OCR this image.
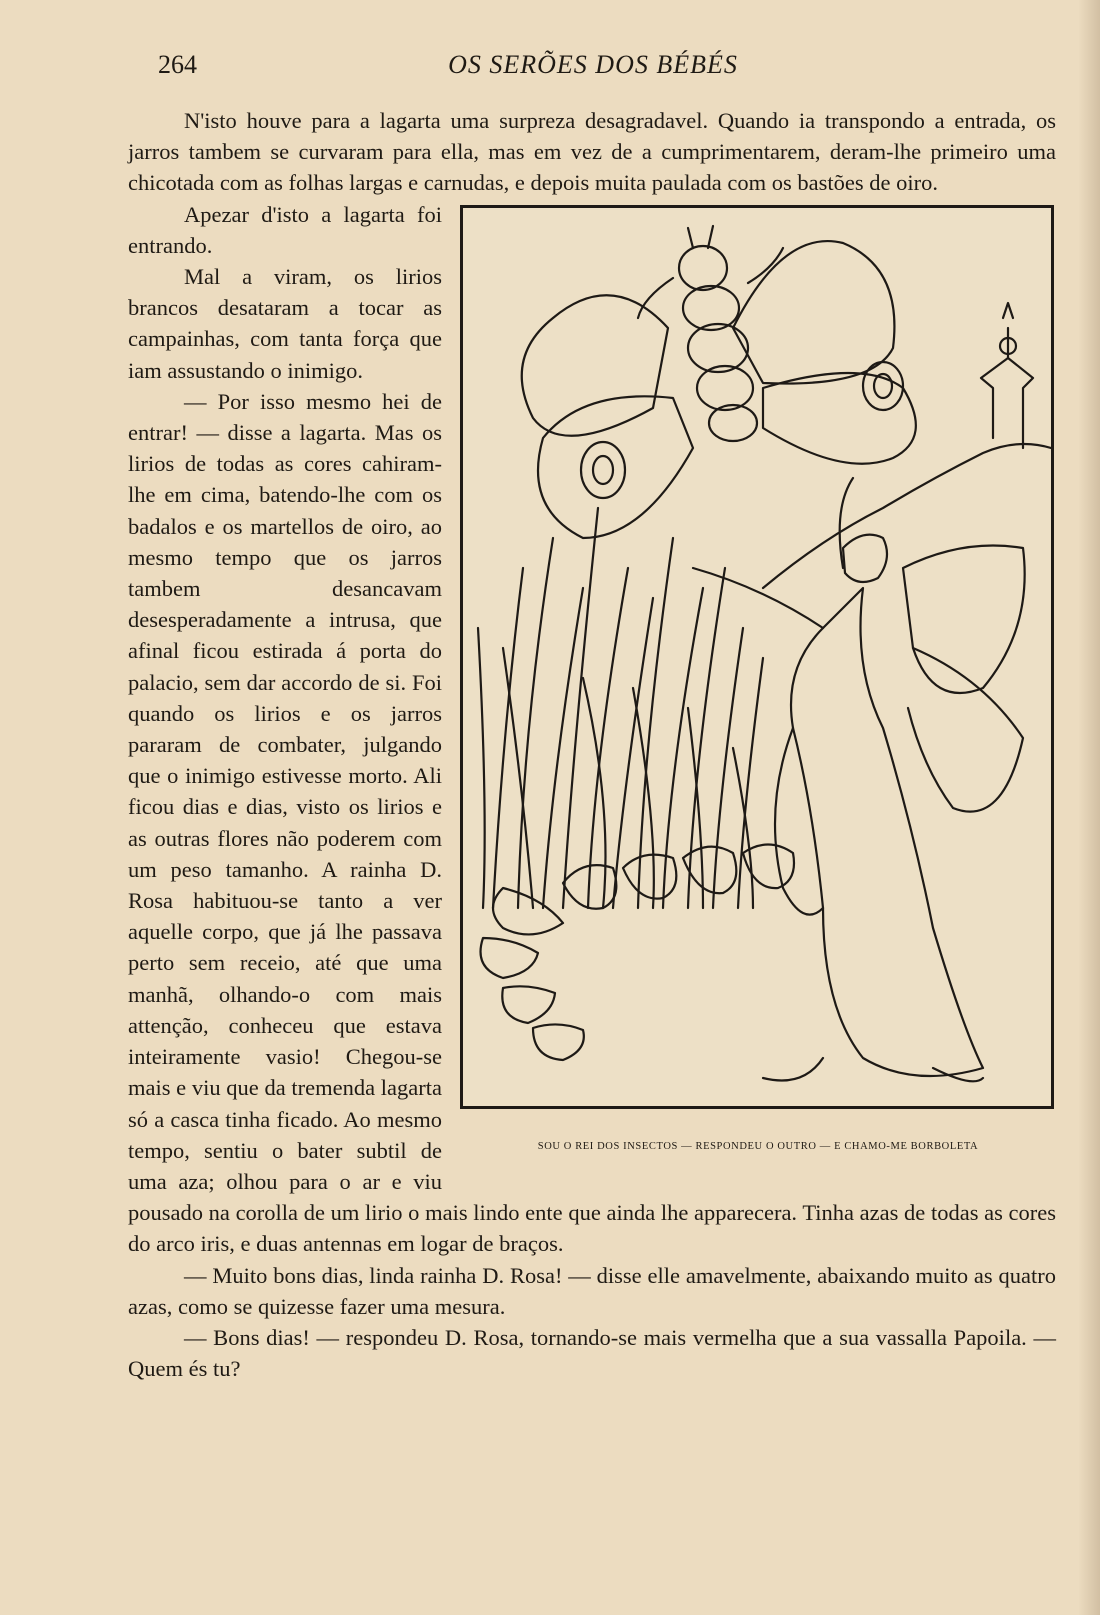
264	OS SERÕES DOS BÉBÉS

N'isto houve para a lagarta uma surpreza desagradavel. Quando ia transpondo a entrada, os jarros tambem se curvaram para ella, mas em vez de a cumprimentarem, deram-lhe primeiro uma chicotada com as folhas largas e carnudas, e depois muita paulada com os bastões de oiro.

SOU O REI DOS INSECTOS — RESPONDEU O OUTRO — E CHAMO-ME BORBOLETA

Apezar d'isto a lagarta foi entrando.

Mal a viram, os lirios brancos desataram a tocar as campainhas, com tanta força que iam assustando o inimigo.

— Por isso mesmo hei de entrar! — disse a lagarta. Mas os lirios de todas as cores cahiram-lhe em cima, batendo-lhe com os badalos e os martellos de oiro, ao mesmo tempo que os jarros tambem desancavam desesperadamente a intrusa, que afinal ficou estirada á porta do palacio, sem dar accordo de si. Foi quando os lirios e os jarros pararam de combater, julgando que o inimigo estivesse morto. Ali ficou dias e dias, visto os lirios e as outras flores não poderem com um peso tamanho. A rainha D. Rosa habituou-se tanto a ver aquelle corpo, que já lhe passava perto sem receio, até que uma manhã, olhando-o com mais attenção, conheceu que estava inteiramente vasio! Chegou-se mais e viu que da tremenda lagarta só a casca tinha ficado. Ao mesmo tempo, sentiu o bater subtil de uma aza; olhou para o ar e viu pousado na corolla de um lirio o mais lindo ente que ainda lhe apparecera. Tinha azas de todas as cores do arco iris, e duas antennas em logar de braços.

— Muito bons dias, linda rainha D. Rosa! — disse elle amavelmente, abaixando muito as quatro azas, como se quizesse fazer uma mesura.

— Bons dias! — respondeu D. Rosa, tornando-se mais vermelha que a sua vassalla Papoila. — Quem és tu?
